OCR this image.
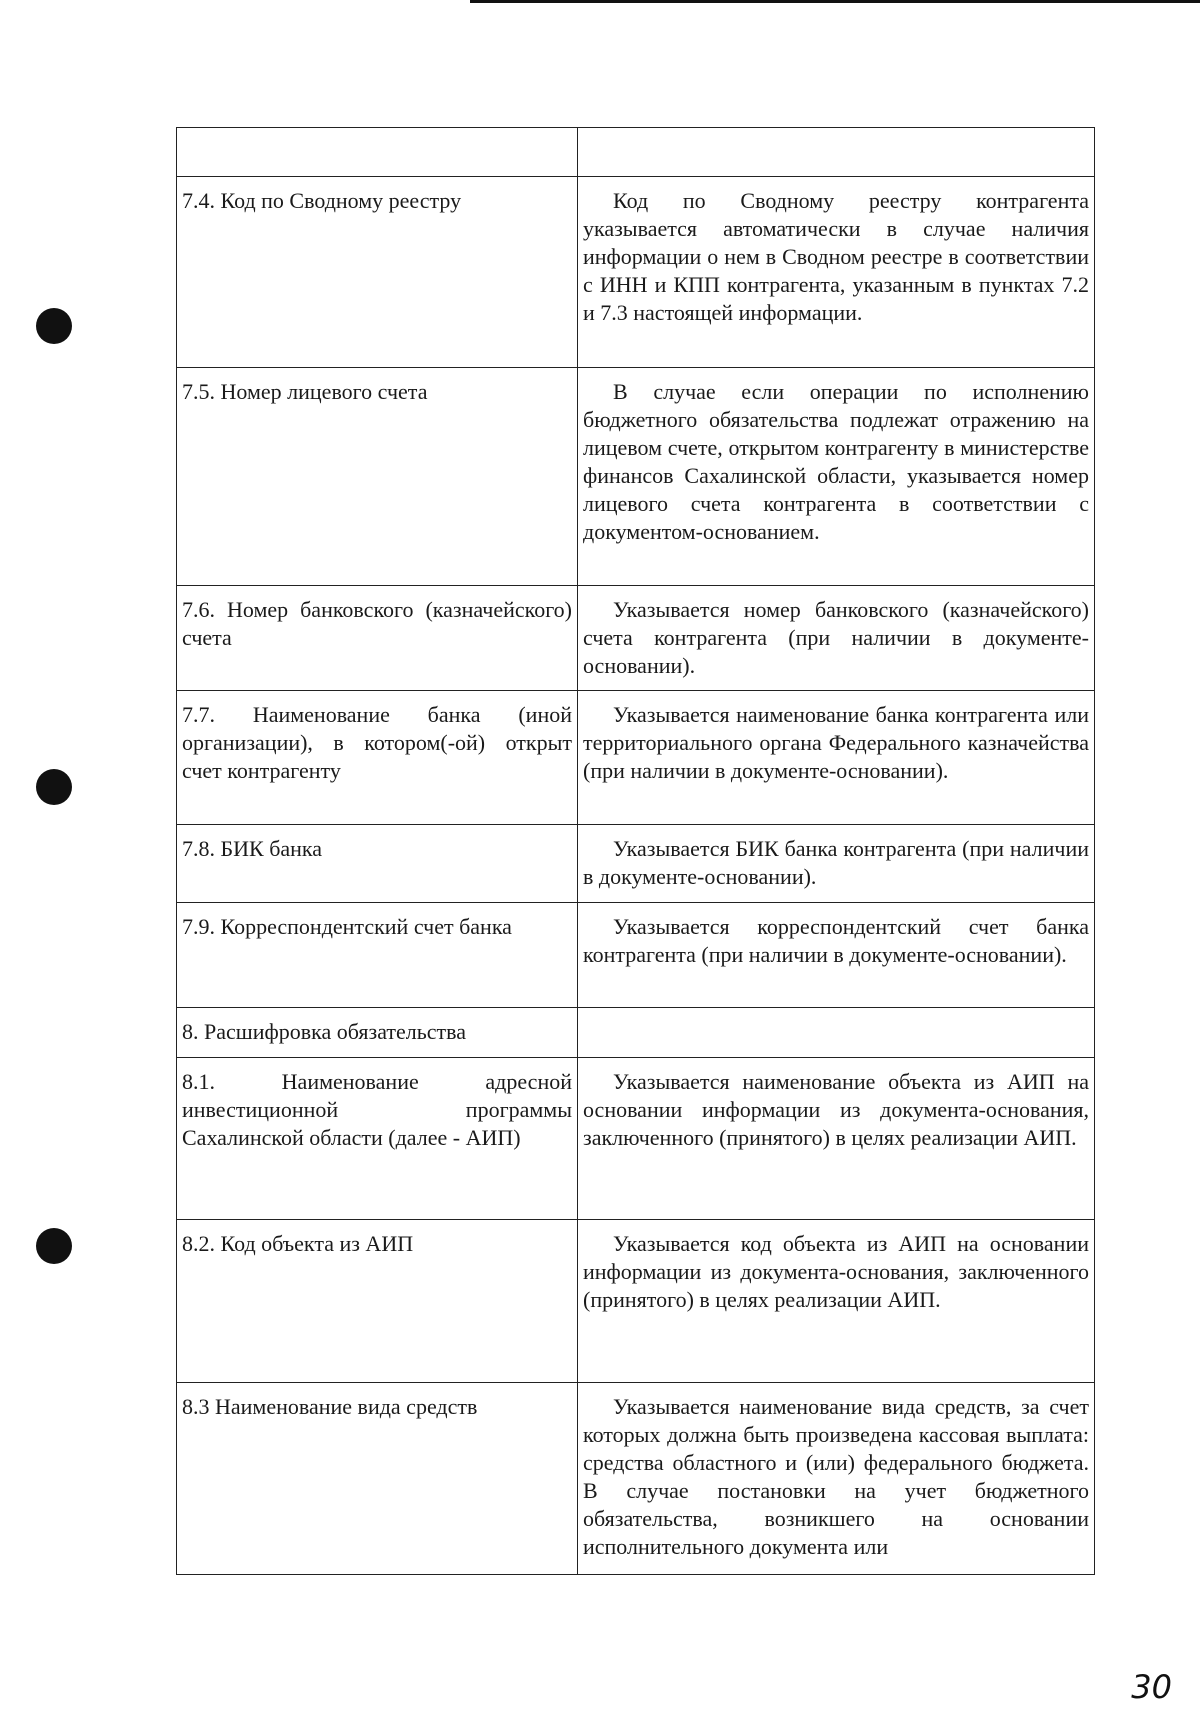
7.4. Код по Сводному реестру	Код по Сводному реестру контрагента указывается автоматически в случае наличия информации о нем в Сводном реестре в соответствии с ИНН и КПП контрагента, указанным в пунктах 7.2 и 7.3 настоящей информации.
7.5. Номер лицевого счета	В случае если операции по исполнению бюджетного обязательства подлежат отражению на лицевом счете, открытом контрагенту в министерстве финансов Сахалинской области, указывается номер лицевого счета контрагента в соответствии с документом-основанием.
7.6. Номер банковского (казначейского) счета	Указывается номер банковского (казначейского) счета контрагента (при наличии в документе-основании).
7.7. Наименование банка (иной организации), в котором(-ой) открыт счет контрагенту	Указывается наименование банка контрагента или территориального органа Федерального казначейства (при наличии в документе-основании).
7.8. БИК банка	Указывается БИК банка контрагента (при наличии в документе-основании).
7.9. Корреспондентский счет банка	Указывается корреспондентский счет банка контрагента (при наличии в документе-основании).
8. Расшифровка обязательства	
8.1. Наименование адресной инвестиционной программы Сахалинской области (далее - АИП)	Указывается наименование объекта из АИП на основании информации из документа-основания, заключенного (принятого) в целях реализации АИП.
8.2. Код объекта из АИП	Указывается код объекта из АИП на основании информации из документа-основания, заключенного (принятого) в целях реализации АИП.
8.3 Наименование вида средств	Указывается наименование вида средств, за счет которых должна быть произведена кассовая выплата: средства областного и (или) федерального бюджета. В случае постановки на учет бюджетного обязательства, возникшего на основании исполнительного документа или
30
